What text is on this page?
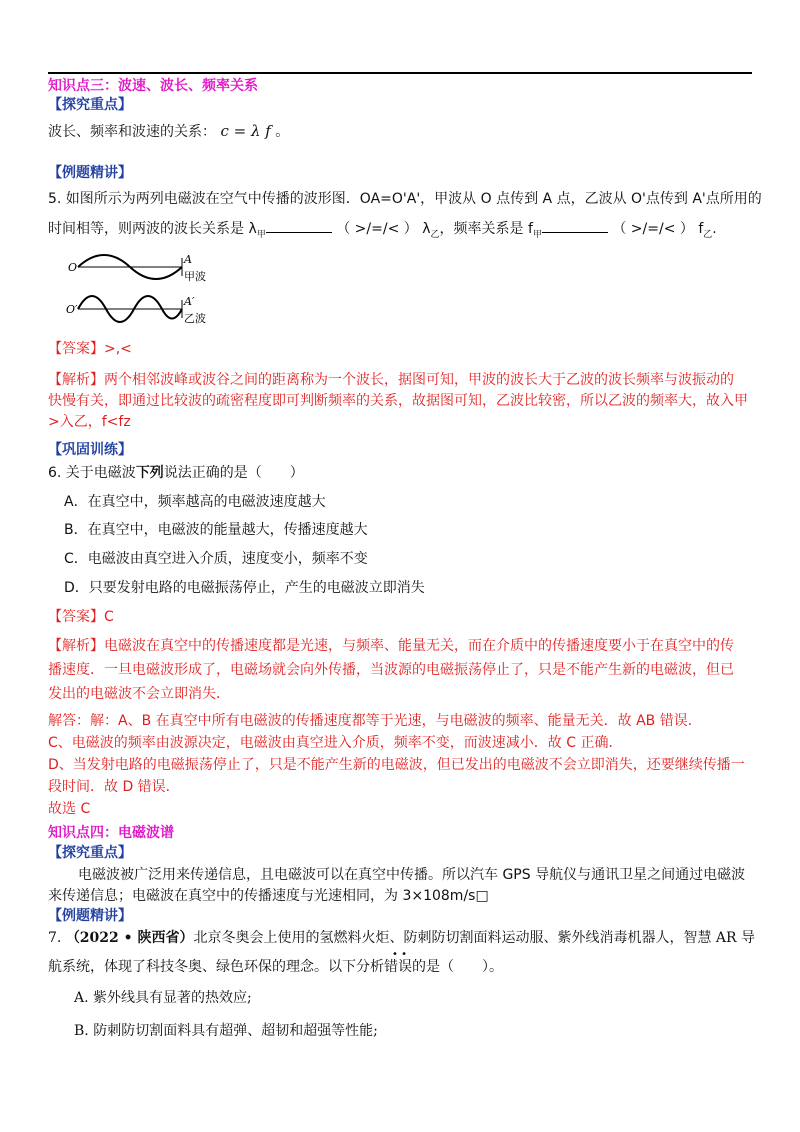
知识点三：波速、波长、频率关系
【探究重点】
波长、频率和波速的关系： c = λ f 。
【例题精讲】
5. 如图所示为两列电磁波在空气中传播的波形图．OA=O'A'，甲波从 O 点传到 A 点，乙波从 O'点传到 A'点所用的
时间相等，则两波的波长关系是 $\lambda_甲$	（ >/=/< ） $\lambda_乙$，频率关系是 $f_甲$	（ >/=/< ） $f_乙$.
O
A
甲波
O′
A′
乙波
【答案】>,<
【解析】两个相邻波峰或波谷之间的距离称为一个波长，据图可知，甲波的波长大于乙波的波长频率与波振动的
快慢有关，即通过比较波的疏密程度即可判断频率的关系，故据图可知，乙波比较密，所以乙波的频率大，故入甲
>入乙，f<fz
【巩固训练】
6. 关于电磁波下列说法正确的是（　　）
A．在真空中，频率越高的电磁波速度越大
B．在真空中，电磁波的能量越大，传播速度越大
C．电磁波由真空进入介质，速度变小，频率不变
D．只要发射电路的电磁振荡停止，产生的电磁波立即消失
【答案】C
【解析】电磁波在真空中的传播速度都是光速，与频率、能量无关，而在介质中的传播速度要小于在真空中的传
播速度．一旦电磁波形成了，电磁场就会向外传播，当波源的电磁振荡停止了，只是不能产生新的电磁波，但已
发出的电磁波不会立即消失．
解答：解：A、B 在真空中所有电磁波的传播速度都等于光速，与电磁波的频率、能量无关．故 AB 错误．
C、电磁波的频率由波源决定，电磁波由真空进入介质，频率不变，而波速减小．故 C 正确．
D、当发射电路的电磁振荡停止了，只是不能产生新的电磁波，但已发出的电磁波不会立即消失，还要继续传播一
段时间．故 D 错误．
故选 C
知识点四：电磁波谱
【探究重点】
电磁波被广泛用来传递信息，且电磁波可以在真空中传播。所以汽车 GPS 导航仪与通讯卫星之间通过电磁波
来传递信息；电磁波在真空中的传播速度与光速相同，为 3×108m/s□
【例题精讲】
7. （2022 • 陕西省）北京冬奥会上使用的氢燃料火炬、防刺防切割面料运动服、紫外线消毒机器人，智慧 AR 导
• •
航系统，体现了科技冬奥、绿色环保的理念。以下分析错误的是（　　）。
A. 紫外线具有显著的热效应;
B. 防刺防切割面料具有超弹、超韧和超强等性能;
